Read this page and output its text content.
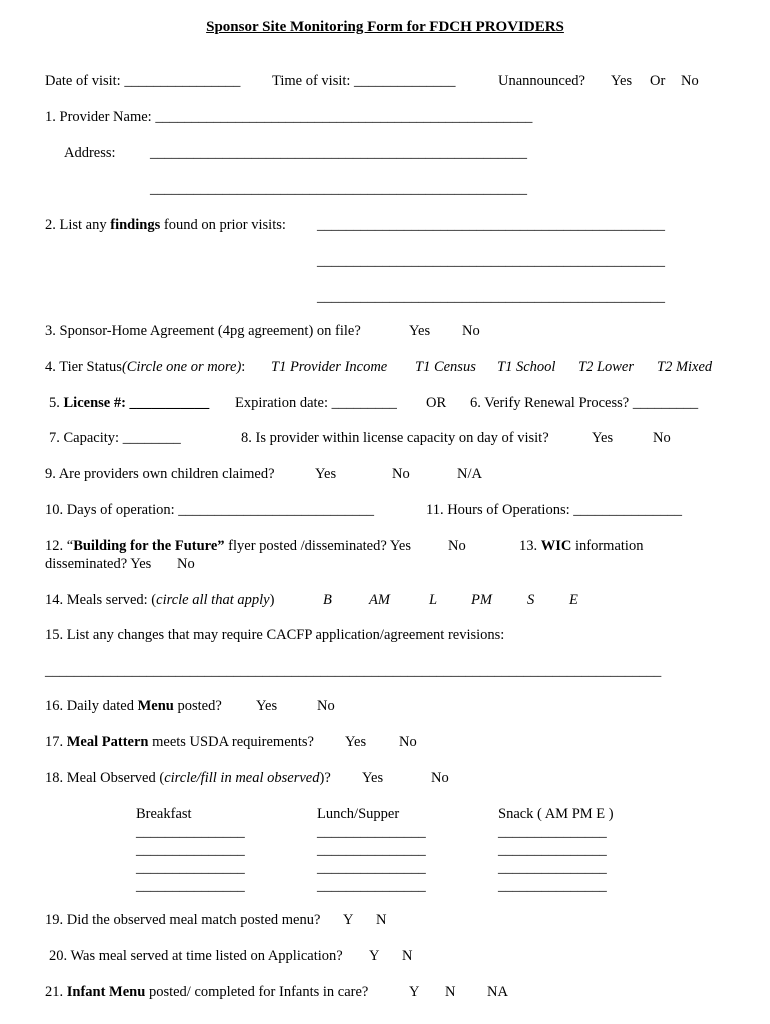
Sponsor Site Monitoring Form for FDCH PROVIDERS
Date of visit: ________________ Time of visit: ______________	Unannounced? Yes Or No
1. Provider Name: ____________________________________________________
Address: ____________________________________________________
____________________________________________________
2. List any findings found on prior visits: ________________________________________________
________________________________________________
________________________________________________
3. Sponsor-Home Agreement (4pg agreement) on file?	Yes No
4. Tier Status(Circle one or more): T1 Provider Income T1 Census T1 School T2 Lower T2 Mixed
5. License #: ___________ Expiration date: _________ OR 6. Verify Renewal Process? _________
7. Capacity: ________	8. Is provider within license capacity on day of visit?	Yes	No
9. Are providers own children claimed?	Yes	No	N/A
10. Days of operation: ___________________________	11. Hours of Operations: _______________
12. “Building for the Future” flyer posted /disseminated? Yes	No	13. WIC information
disseminated? Yes No
14. Meals served: (circle all that apply)	B	AM	L PM S E
15. List any changes that may require CACFP application/agreement revisions:
_____________________________________________________________________________________
16. Daily dated Menu posted? Yes	No
17. Meal Pattern meets USDA requirements? Yes No
18. Meal Observed (circle/fill in meal observed)? Yes	No
Breakfast	Lunch/Supper	Snack ( AM PM E )
_______________
_______________
_______________
_______________
_______________
_______________
_______________
_______________
_______________
_______________
_______________
_______________
19. Did the observed meal match posted menu? Y N
20. Was meal served at time listed on Application? Y N
21. Infant Menu posted/ completed for Infants in care?	Y N NA
